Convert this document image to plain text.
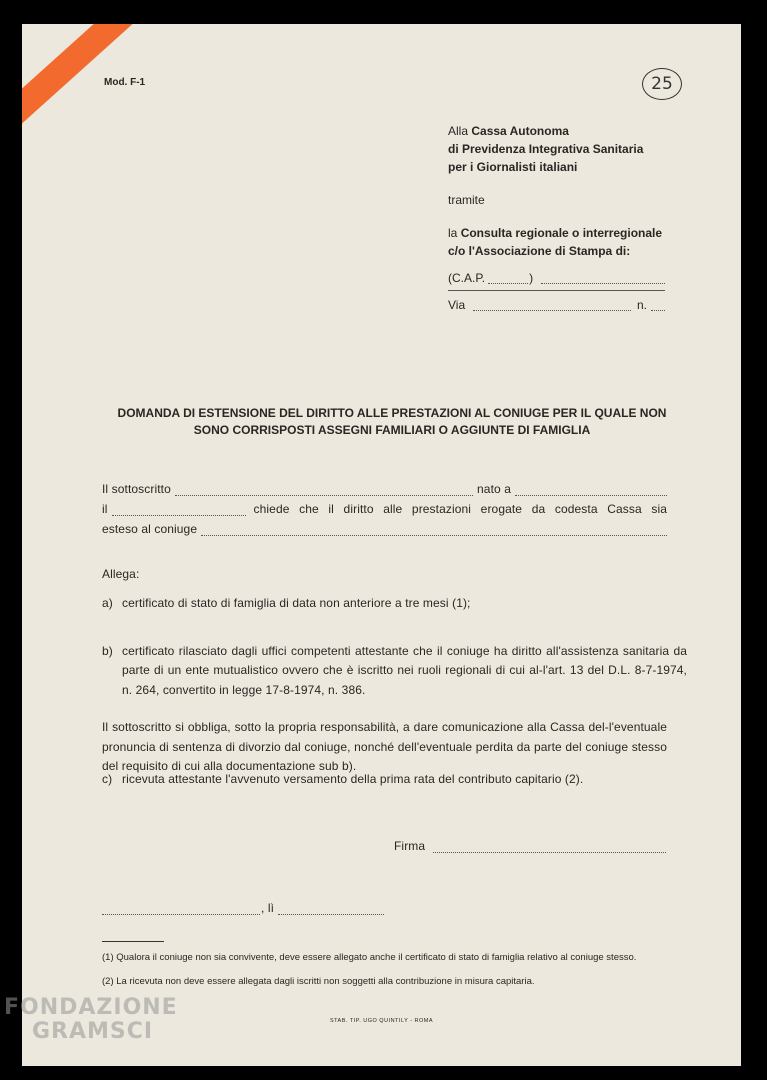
Mod. F-1	25
Alla Cassa Autonoma
di Previdenza Integrativa Sanitaria
per i Giornalisti italiani
tramite
la Consulta regionale o interregionale
c/o l'Associazione di Stampa di:
(C.A.P.	)
Via	n.
DOMANDA DI ESTENSIONE DEL DIRITTO ALLE PRESTAZIONI AL CONIUGE PER IL QUALE NON
SONO CORRISPOSTI ASSEGNI FAMILIARI O AGGIUNTE DI FAMIGLIA
Il sottoscritto	nato a
il	chiede che il diritto alle prestazioni erogate da codesta Cassa sia
esteso al coniuge
Allega:
a) certificato di stato di famiglia di data non anteriore a tre mesi (1);
b) certificato rilasciato dagli uffici competenti attestante che il coniuge ha diritto all'assistenza sanitaria da parte di un ente mutualistico ovvero che è iscritto nei ruoli regionali di cui al-l'art. 13 del D.L. 8-7-1974, n. 264, convertito in legge 17-8-1974, n. 386.
c) ricevuta attestante l'avvenuto versamento della prima rata del contributo capitario (2).
Il sottoscritto si obbliga, sotto la propria responsabilità, a dare comunicazione alla Cassa del-l'eventuale pronuncia di sentenza di divorzio dal coniuge, nonché dell'eventuale perdita da parte del coniuge stesso del requisito di cui alla documentazione sub b).
Firma
, lì
(1) Qualora il coniuge non sia convivente, deve essere allegato anche il certificato di stato di famiglia relativo al coniuge stesso.
(2) La ricevuta non deve essere allegata dagli iscritti non soggetti alla contribuzione in misura capitaria.
STAB. TIP. UGO QUINTILY - ROMA
FONDAZIONE
GRAMSCI
